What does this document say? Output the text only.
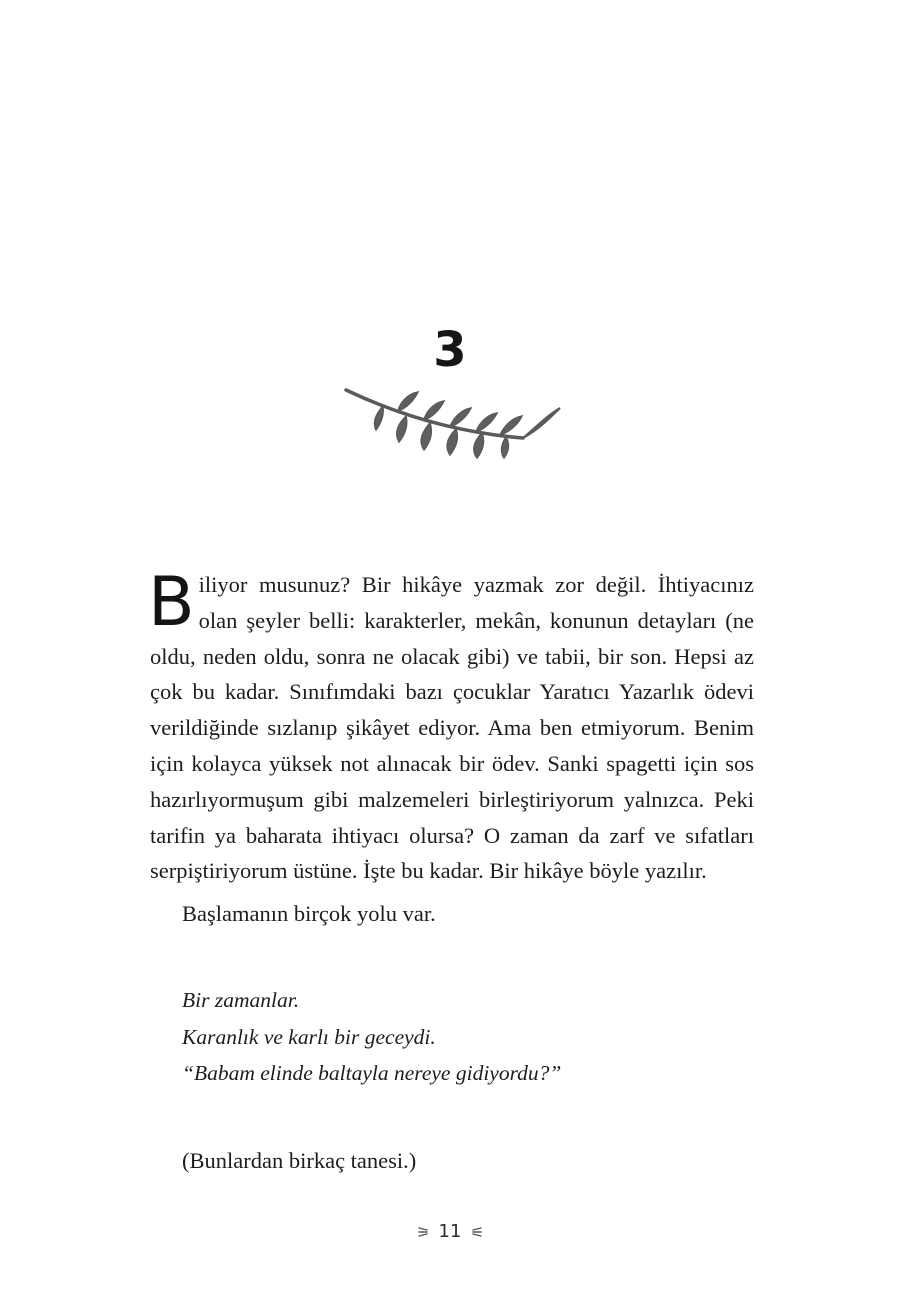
3

Biliyor musunuz? Bir hikâye yazmak zor değil. İhtiyacınız olan şeyler belli: karakterler, mekân, konunun detayları (ne oldu, neden oldu, sonra ne olacak gibi) ve tabii, bir son. Hepsi az çok bu kadar. Sınıfımdaki bazı çocuklar Yaratıcı Yazarlık ödevi verildiğinde sızlanıp şikâyet ediyor. Ama ben etmiyorum. Benim için kolayca yüksek not alınacak bir ödev. Sanki spagetti için sos hazırlıyormuşum gibi malzemeleri birleştiriyorum yalnızca. Peki tarifin ya baharata ihtiyacı olursa? O zaman da zarf ve sıfatları serpiştiriyorum üstüne. İşte bu kadar. Bir hikâye böyle yazılır.

Başlamanın birçok yolu var.

Bir zamanlar.
Karanlık ve karlı bir geceydi.
“Babam elinde baltayla nereye gidiyordu?”

(Bunlardan birkaç tanesi.)

11
